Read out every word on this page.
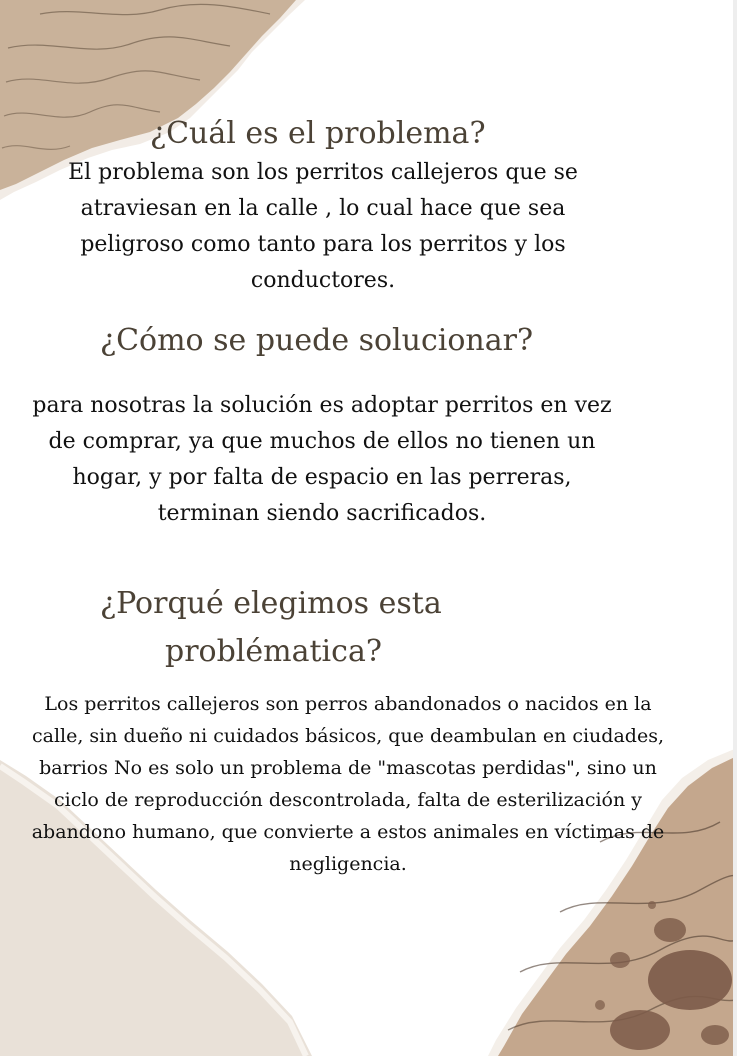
¿Cuál es el problema?

El problema son los perritos callejeros que se atraviesan en la calle , lo cual hace que sea peligroso como tanto para los perritos y los conductores.

¿Cómo se puede solucionar?

para nosotras la solución es adoptar perritos en vez de comprar, ya que muchos de ellos no tienen un hogar, y por falta de espacio en las perreras, terminan siendo sacrificados.

¿Porqué elegimos esta
problématica?

Los perritos callejeros son perros abandonados o nacidos en la calle, sin dueño ni cuidados básicos, que deambulan en ciudades, barrios No es solo un problema de "mascotas perdidas", sino un ciclo de reproducción descontrolada, falta de esterilización y abandono humano, que convierte a estos animales en víctimas de negligencia.
